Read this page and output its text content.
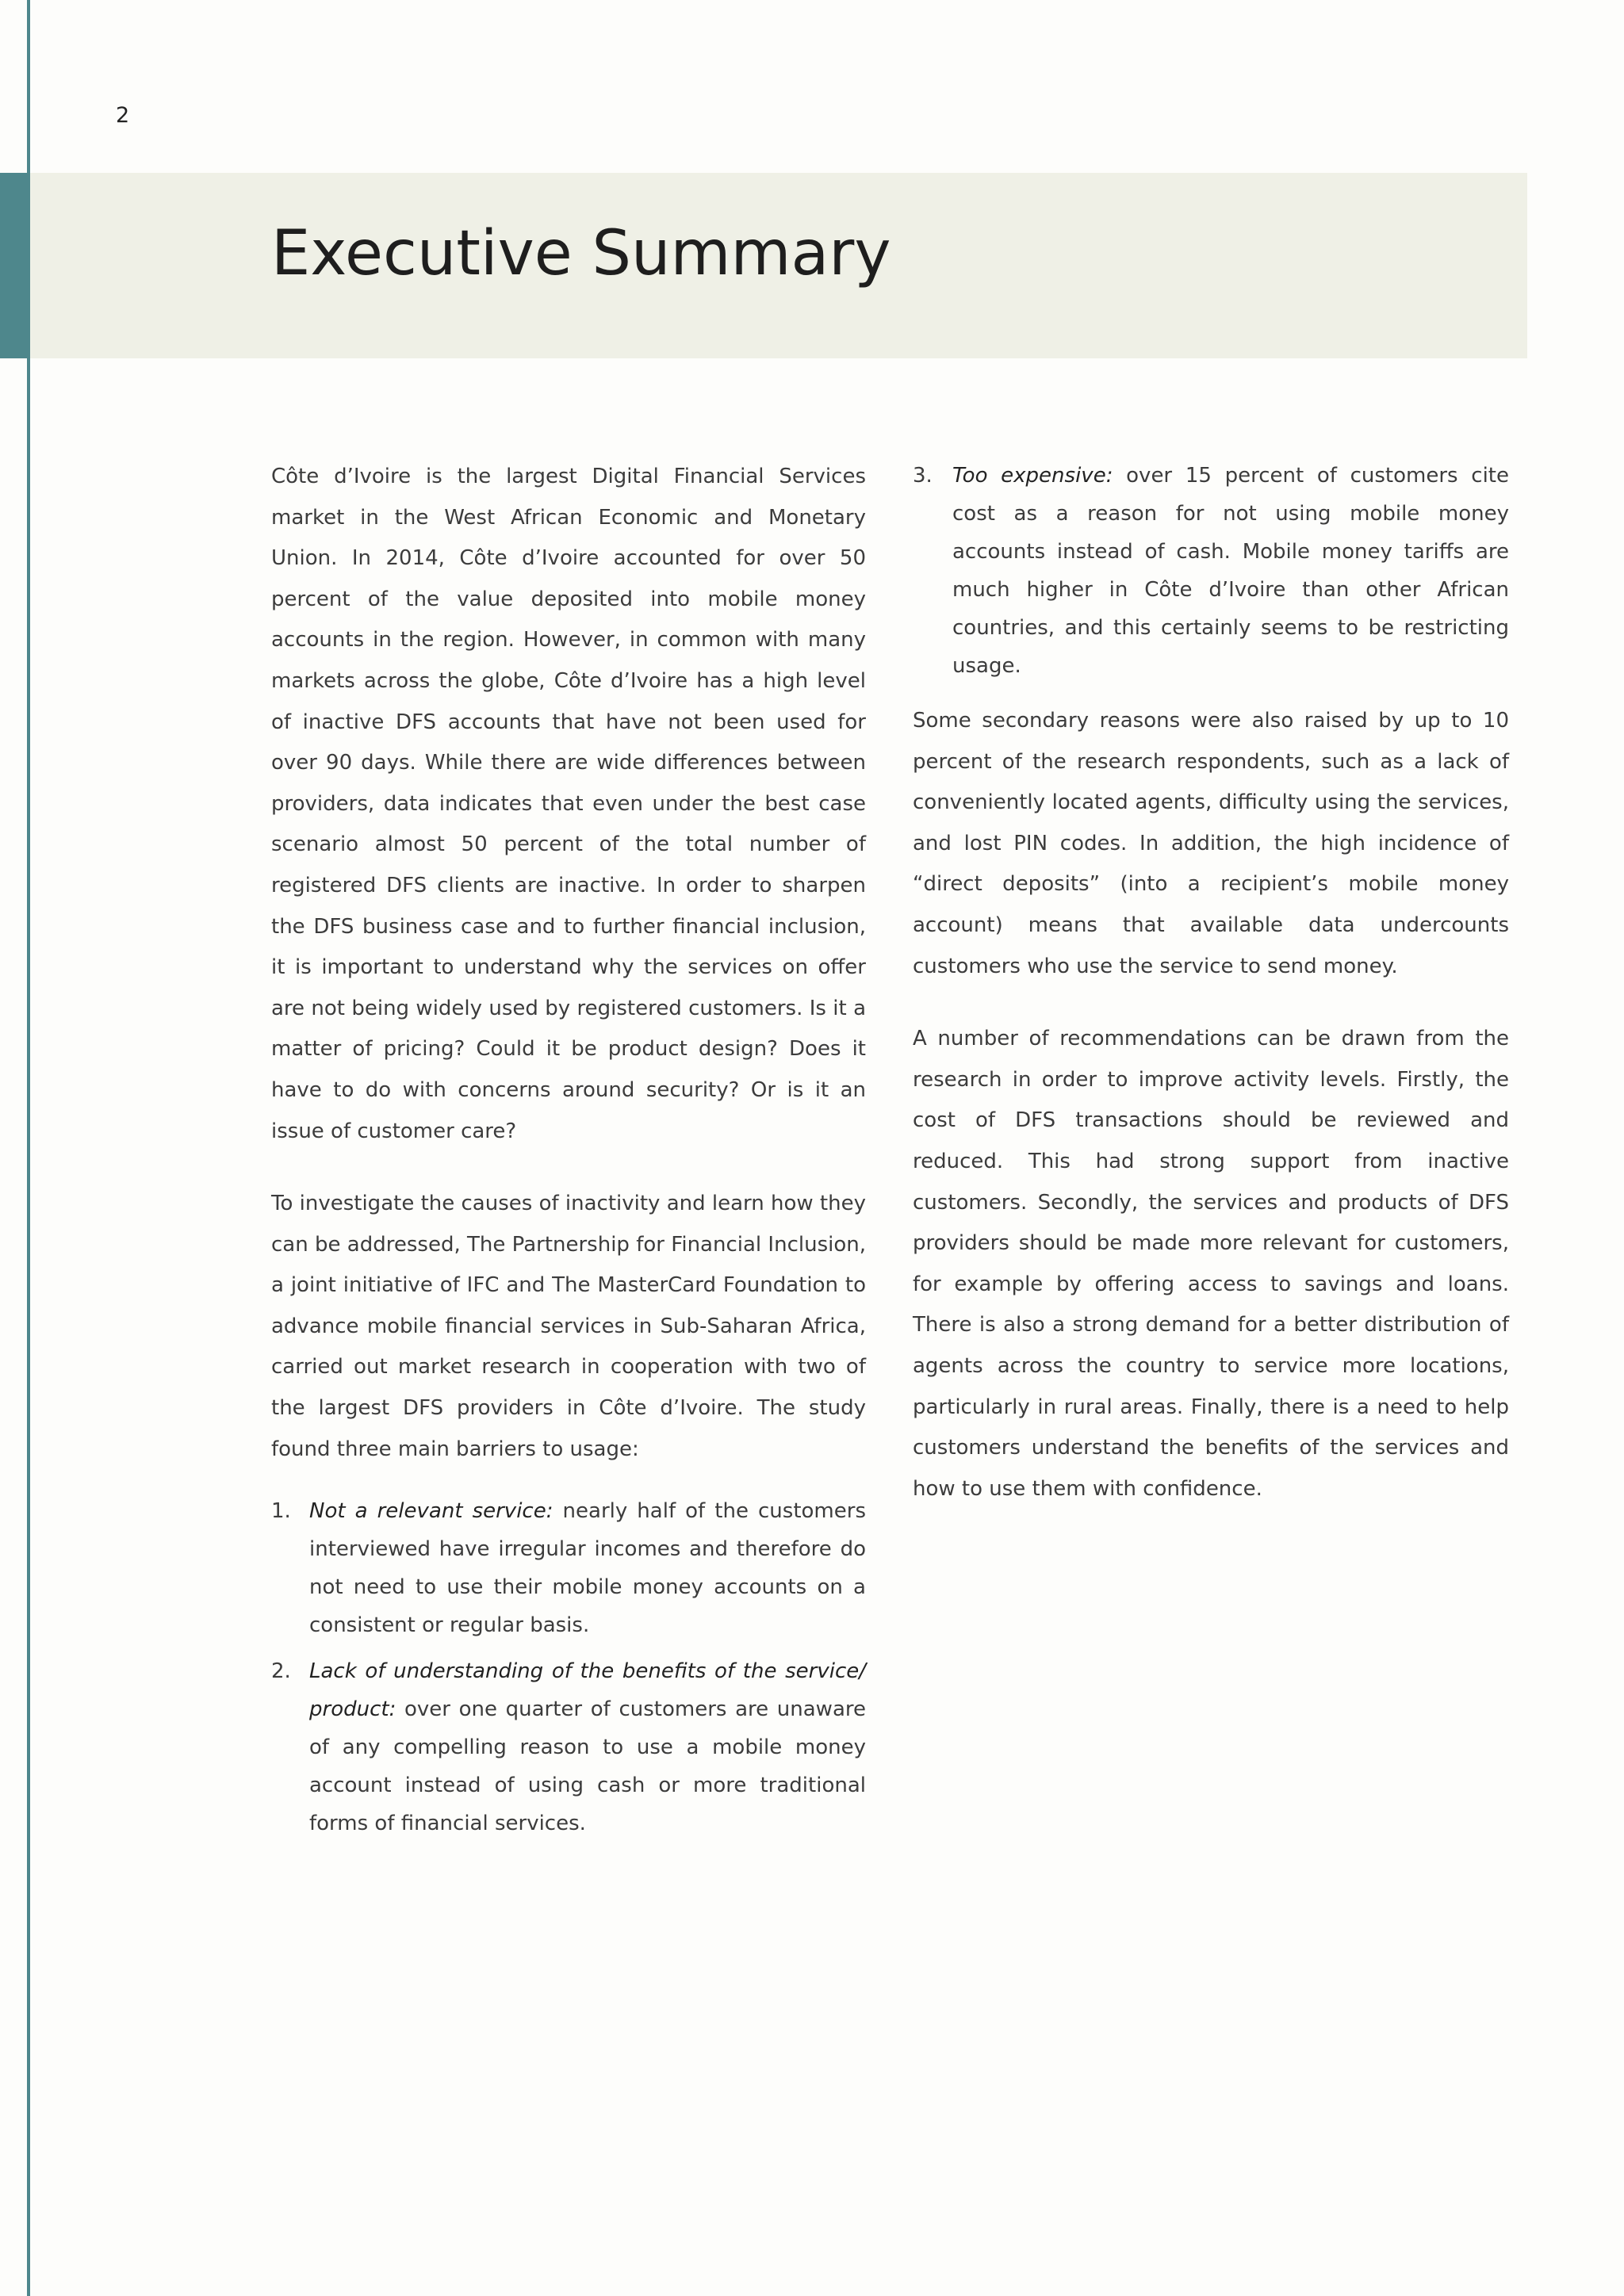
2
Executive Summary

Côte d’Ivoire is the largest Digital Financial Services market in the West African Economic and Monetary Union. In 2014, Côte d’Ivoire accounted for over 50 percent of the value deposited into mobile money accounts in the region. However, in common with many markets across the globe, Côte d’Ivoire has a high level of inactive DFS accounts that have not been used for over 90 days. While there are wide differences between providers, data indicates that even under the best case scenario almost 50 percent of the total number of registered DFS clients are inactive. In order to sharpen the DFS business case and to further financial inclusion, it is important to understand why the services on offer are not being widely used by registered customers. Is it a matter of pricing? Could it be product design? Does it have to do with concerns around security? Or is it an issue of customer care?

To investigate the causes of inactivity and learn how they can be addressed, The Partnership for Financial Inclusion, a joint initiative of IFC and The MasterCard Foundation to advance mobile financial services in Sub-Saharan Africa, carried out market research in cooperation with two of the largest DFS providers in Côte d’Ivoire. The study found three main barriers to usage:

1. Not a relevant service: nearly half of the customers interviewed have irregular incomes and therefore do not need to use their mobile money accounts on a consistent or regular basis.
2. Lack of understanding of the benefits of the service/ product: over one quarter of customers are unaware of any compelling reason to use a mobile money account instead of using cash or more traditional forms of financial services.
3. Too expensive: over 15 percent of customers cite cost as a reason for not using mobile money accounts instead of cash. Mobile money tariffs are much higher in Côte d’Ivoire than other African countries, and this certainly seems to be restricting usage.

Some secondary reasons were also raised by up to 10 percent of the research respondents, such as a lack of conveniently located agents, difficulty using the services, and lost PIN codes. In addition, the high incidence of “direct deposits” (into a recipient’s mobile money account) means that available data undercounts customers who use the service to send money.

A number of recommendations can be drawn from the research in order to improve activity levels. Firstly, the cost of DFS transactions should be reviewed and reduced. This had strong support from inactive customers. Secondly, the services and products of DFS providers should be made more relevant for customers, for example by offering access to savings and loans. There is also a strong demand for a better distribution of agents across the country to service more locations, particularly in rural areas. Finally, there is a need to help customers understand the benefits of the services and how to use them with confidence.
